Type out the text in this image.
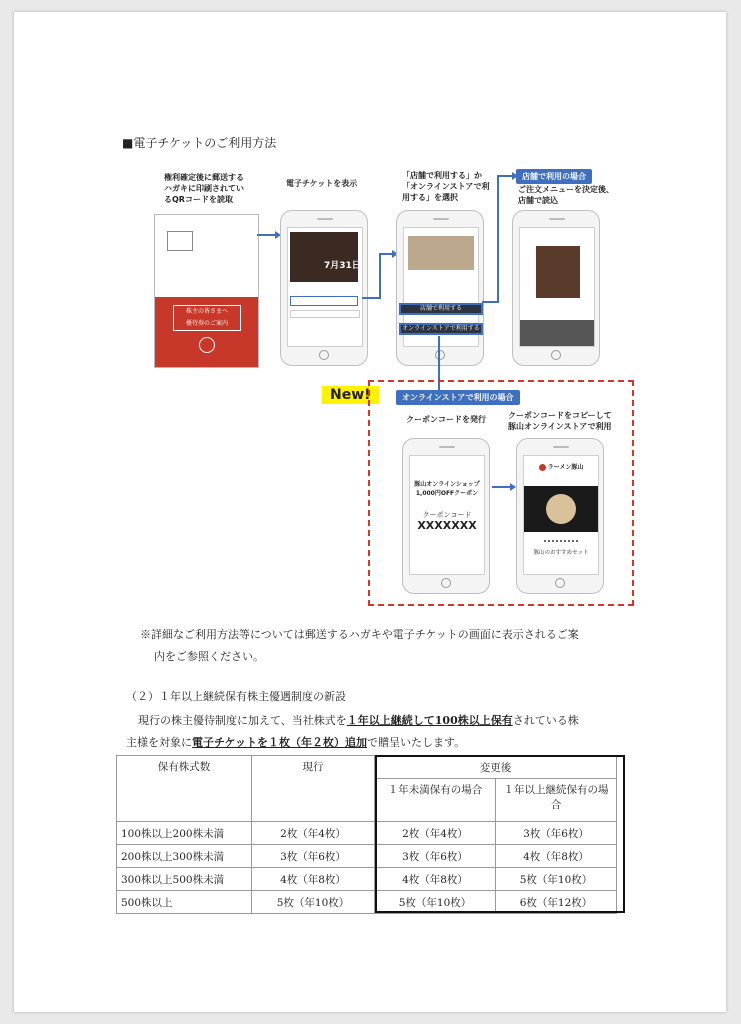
■電子チケットのご利用方法
権利確定後に郵送する
ハガキに印刷されてい
るQRコードを読取
電子チケットを表示
「店舗で利用する」か
「オンラインストアで利
用する」を選択
店舗で利用の場合
ご注文メニューを決定後、
店舗で読込
株主の皆さまへ
優待券のご案内
7月31日
店舗で利用する
オンラインストアで利用する
New!	オンラインストアで利用の場合
クーポンコードを発行	クーポンコードをコピーして
豚山オンラインストアで利用
豚山オンラインショップ
1,000円OFFクーポン
クーポンコード
XXXXXXX
ラーメン豚山
豚山のおすすめセット
※詳細なご利用方法等については郵送するハガキや電子チケットの画面に表示されるご案
内をご参照ください。
（２）１年以上継続保有株主優遇制度の新設
現行の株主優待制度に加えて、当社株式を１年以上継続して100株以上保有されている株
主様を対象に電子チケットを１枚（年２枚）追加で贈呈いたします。
保有株式数	現行	変更後	
		１年未満保有の場合	１年以上継続保有の場合
100株以上200株未満	2枚（年4枚）	2枚（年4枚）	3枚（年6枚）
200株以上300株未満	3枚（年6枚）	3枚（年6枚）	4枚（年8枚）
300株以上500株未満	4枚（年8枚）	4枚（年8枚）	5枚（年10枚）
500株以上	5枚（年10枚）	5枚（年10枚）	6枚（年12枚）
